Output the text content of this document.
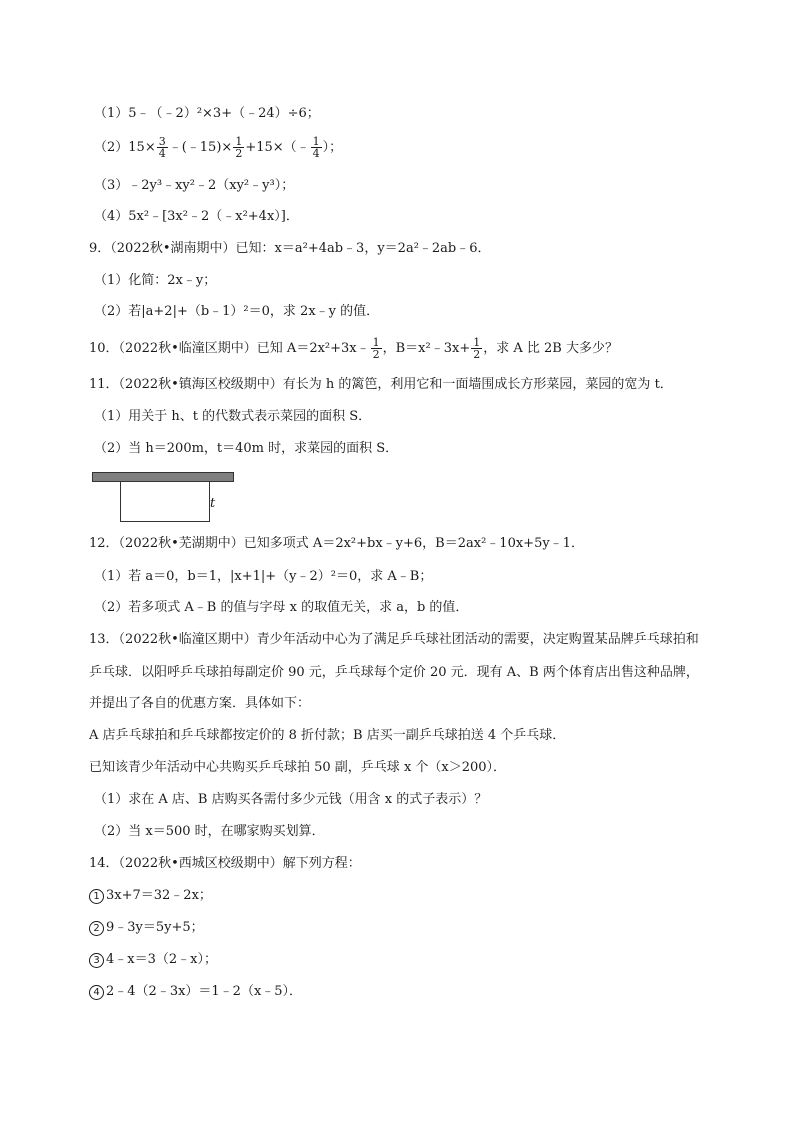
（1）5﹣（﹣2）²×3+（﹣24）÷6；
$(2)15\times \frac{3}{4}$ ﹣(﹣15)× $\frac{1}{2}$ +15×（﹣ $\frac{1}{4}$ ）；
（3）﹣2y³﹣xy²﹣2（xy²﹣y³）；
（4）5x²﹣[3x²﹣2（﹣x²+4x）]．
9．（2022秋•湖南期中）已知：x＝a²+4ab﹣3，y＝2a²﹣2ab﹣6．
（1）化简：2x﹣y；
（2）若|a+2|+（b﹣1）²＝0，求 2x﹣y 的值．
10．（2022秋•临潼区期中）已知 A＝2x²+3x﹣ $\frac{1}{2}$ ，B＝x²﹣3x+ $\frac{1}{2}$ ，求 A 比 2B 大多少？
11．（2022秋•镇海区校级期中）有长为 h 的篱笆，利用它和一面墙围成长方形菜园，菜园的宽为 t．
（1）用关于 h、t 的代数式表示菜园的面积 S．
（2）当 h＝200m，t＝40m 时，求菜园的面积 S．
t
12．（2022秋•芜湖期中）已知多项式 A＝2x²+bx﹣y+6，B＝2ax²﹣10x+5y﹣1．
（1）若 a＝0，b＝1，|x+1|+（y﹣2）²＝0，求 A﹣B；
（2）若多项式 A﹣B 的值与字母 x 的取值无关，求 a，b 的值．
13．（2022秋•临潼区期中）青少年活动中心为了满足乒乓球社团活动的需要，决定购置某品牌乒乓球拍和
乒乓球．以阳呼乒乓球拍每副定价 90 元，乒乓球每个定价 20 元．现有 A、B 两个体育店出售这种品牌，
并提出了各自的优惠方案．具体如下：
A 店乒乓球拍和乒乓球都按定价的 8 折付款；B 店买一副乒乓球拍送 4 个乒乓球．
已知该青少年活动中心共购买乒乓球拍 50 副，乒乓球 x 个（x＞200）．
（1）求在 A 店、B 店购买各需付多少元钱（用含 x 的式子表示）？
（2）当 x＝500 时，在哪家购买划算．
14．（2022秋•西城区校级期中）解下列方程：
1 3x+7＝32﹣2x；
2 9﹣3y＝5y+5；
3 4﹣x＝3（2﹣x）；
4 2﹣4（2﹣3x）＝1﹣2（x﹣5）．
